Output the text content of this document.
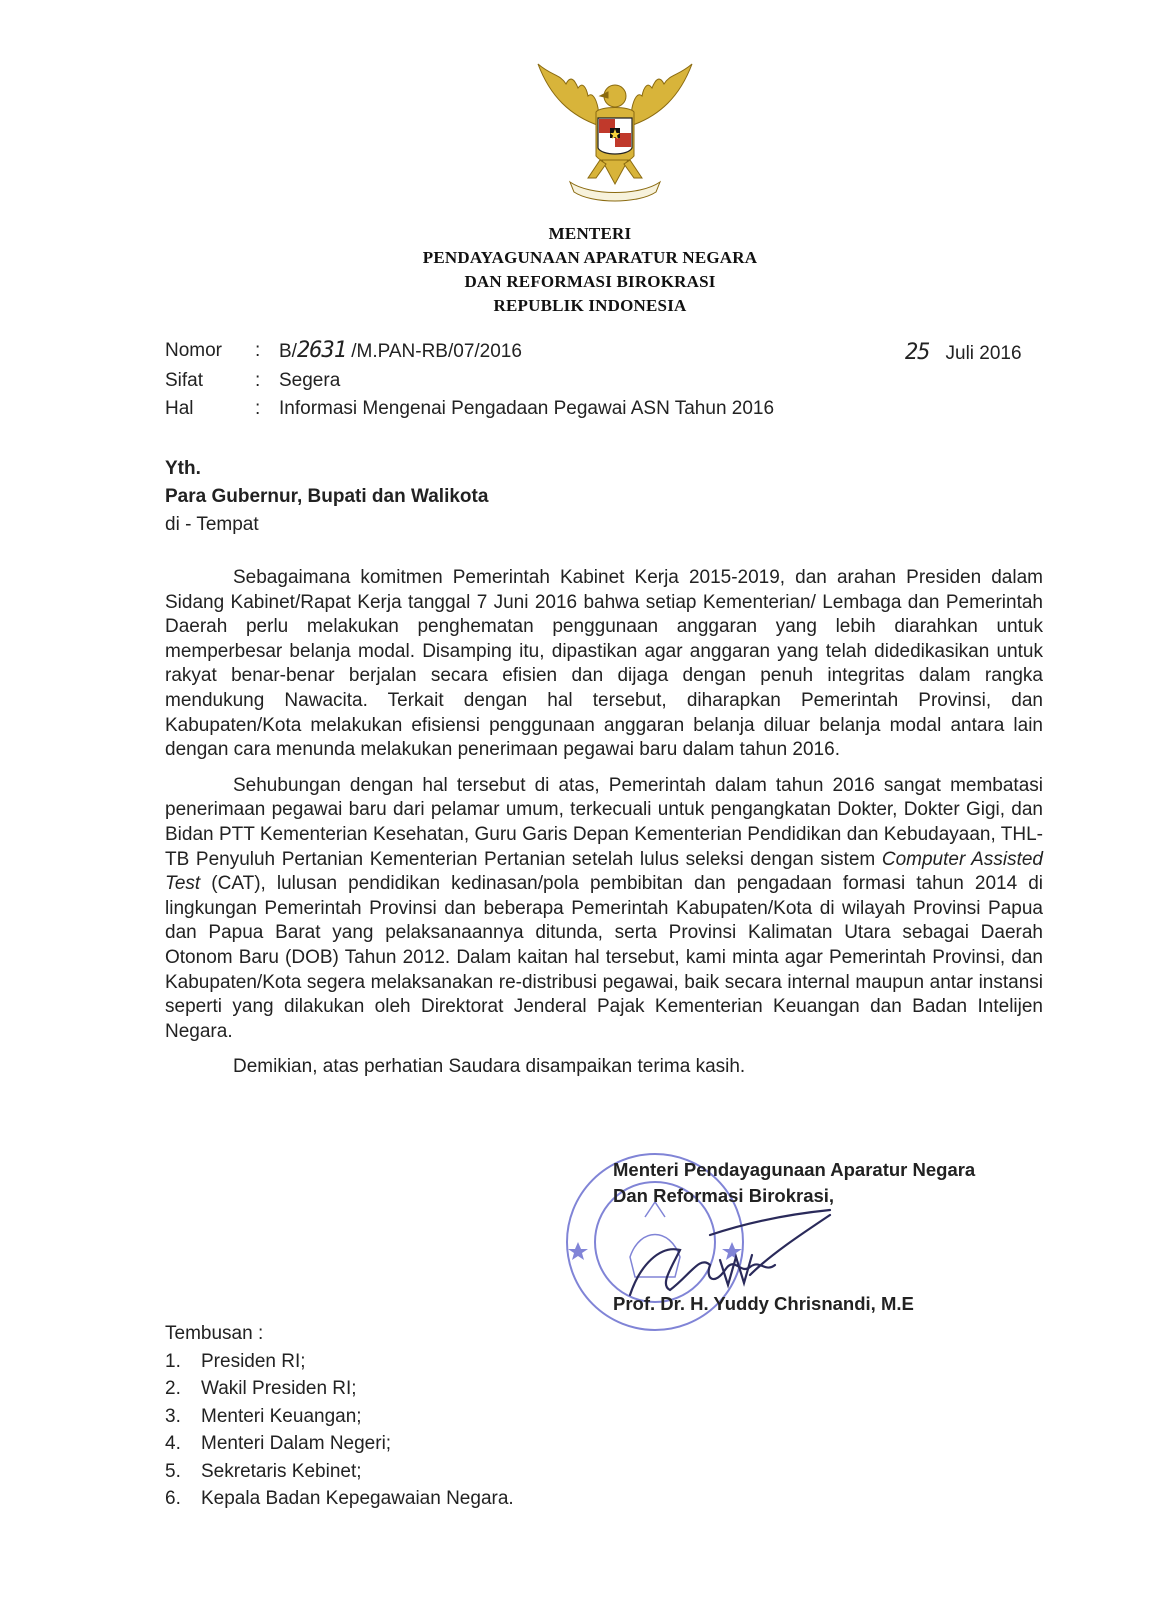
MENTERI
PENDAYAGUNAAN APARATUR NEGARA
DAN REFORMASI BIROKRASI
REPUBLIK INDONESIA
Nomor	: B/2631 /M.PAN-RB/07/2016
Sifat	: Segera
Hal	: Informasi Mengenai Pengadaan Pegawai ASN Tahun 2016
25 Juli 2016
Yth.
Para Gubernur, Bupati dan Walikota
di - Tempat

Sebagaimana komitmen Pemerintah Kabinet Kerja 2015-2019, dan arahan Presiden dalam Sidang Kabinet/Rapat Kerja tanggal 7 Juni 2016 bahwa setiap Kementerian/ Lembaga dan Pemerintah Daerah perlu melakukan penghematan penggunaan anggaran yang lebih diarahkan untuk memperbesar belanja modal. Disamping itu, dipastikan agar anggaran yang telah didedikasikan untuk rakyat benar-benar berjalan secara efisien dan dijaga dengan penuh integritas dalam rangka mendukung Nawacita. Terkait dengan hal tersebut, diharapkan Pemerintah Provinsi, dan Kabupaten/Kota melakukan efisiensi penggunaan anggaran belanja diluar belanja modal antara lain dengan cara menunda melakukan penerimaan pegawai baru dalam tahun 2016.

Sehubungan dengan hal tersebut di atas, Pemerintah dalam tahun 2016 sangat membatasi penerimaan pegawai baru dari pelamar umum, terkecuali untuk pengangkatan Dokter, Dokter Gigi, dan Bidan PTT Kementerian Kesehatan, Guru Garis Depan Kementerian Pendidikan dan Kebudayaan, THL-TB Penyuluh Pertanian Kementerian Pertanian setelah lulus seleksi dengan sistem Computer Assisted Test (CAT), lulusan pendidikan kedinasan/pola pembibitan dan pengadaan formasi tahun 2014 di lingkungan Pemerintah Provinsi dan beberapa Pemerintah Kabupaten/Kota di wilayah Provinsi Papua dan Papua Barat yang pelaksanaannya ditunda, serta Provinsi Kalimatan Utara sebagai Daerah Otonom Baru (DOB) Tahun 2012. Dalam kaitan hal tersebut, kami minta agar Pemerintah Provinsi, dan Kabupaten/Kota segera melaksanakan re-distribusi pegawai, baik secara internal maupun antar instansi seperti yang dilakukan oleh Direktorat Jenderal Pajak Kementerian Keuangan dan Badan Intelijen Negara.

Demikian, atas perhatian Saudara disampaikan terima kasih.

Menteri Pendayagunaan Aparatur Negara
Dan Reformasi Birokrasi,
Prof. Dr. H. Yuddy Chrisnandi, M.E
Tembusan :
1.	Presiden RI;
2.	Wakil Presiden RI;
3.	Menteri Keuangan;
4.	Menteri Dalam Negeri;
5.	Sekretaris Kebinet;
6.	Kepala Badan Kepegawaian Negara.
